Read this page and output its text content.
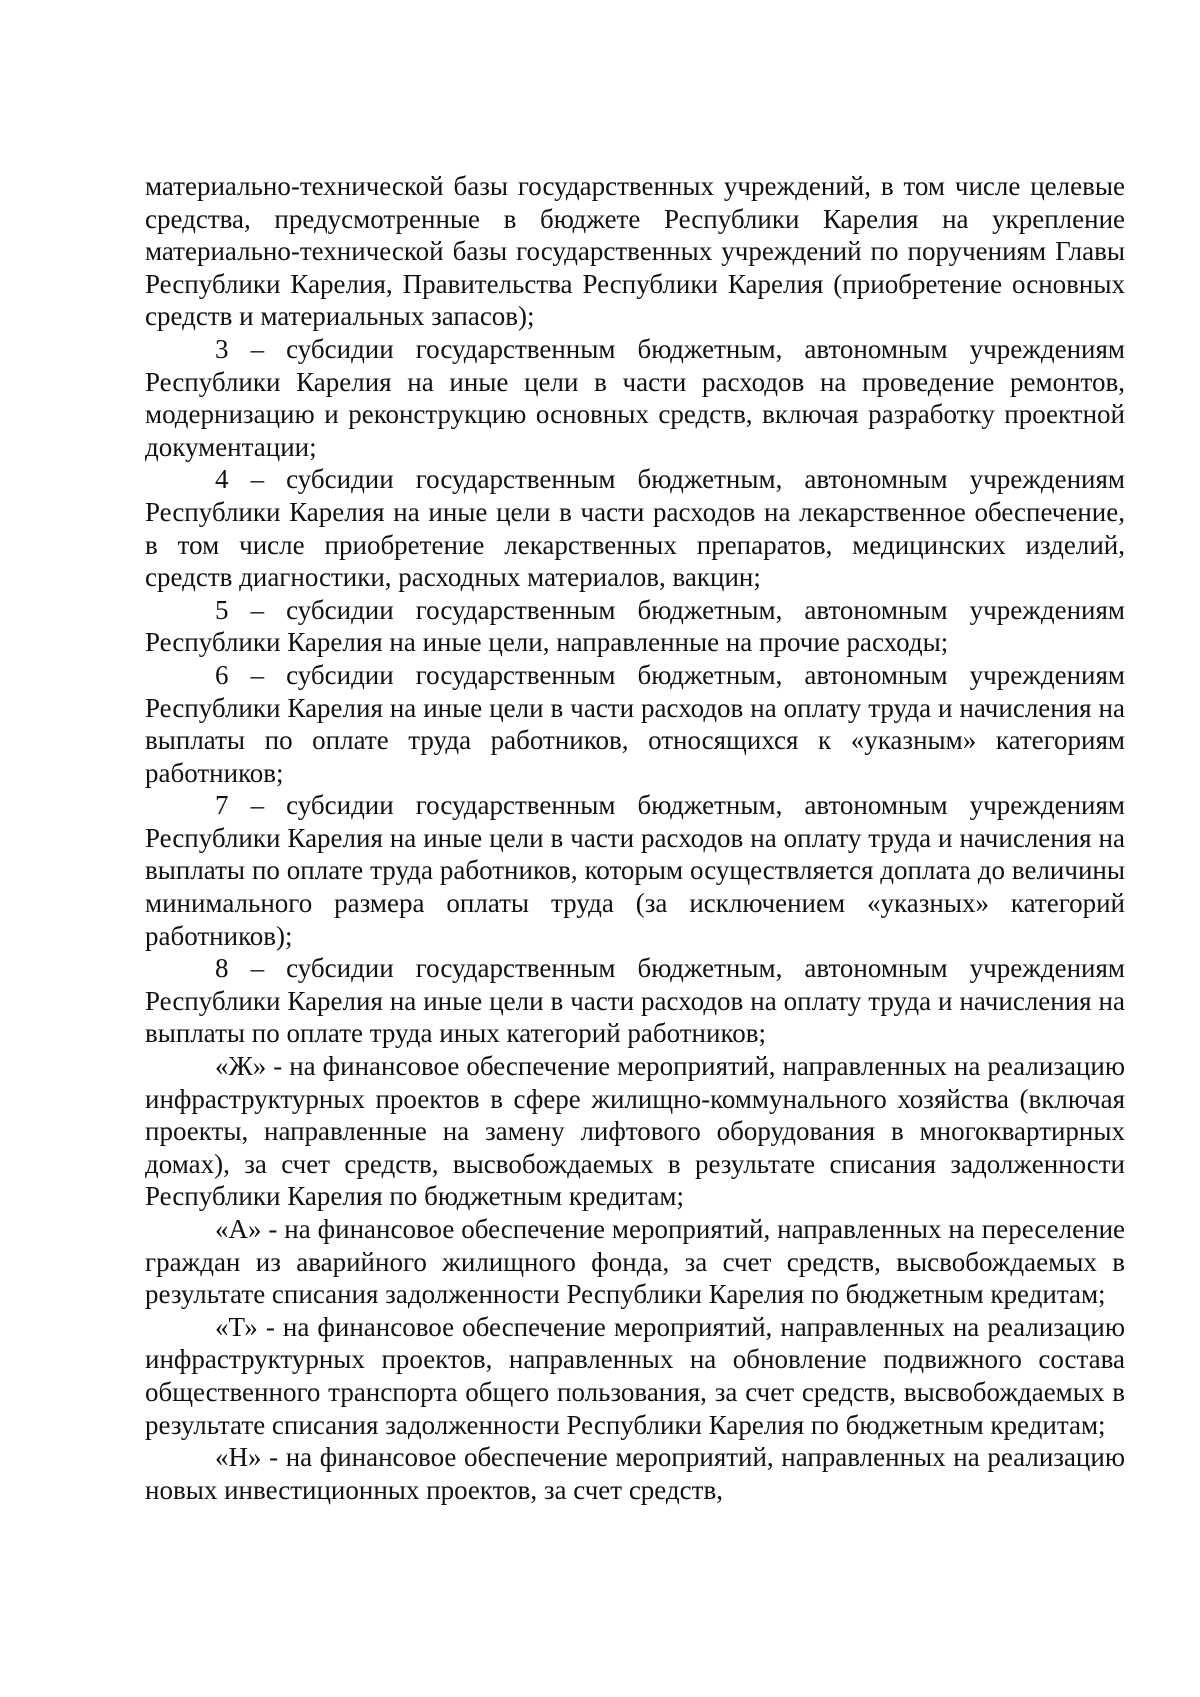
материально-технической базы государственных учреждений, в том числе целевые средства, предусмотренные в бюджете Республики Карелия на укрепление материально-технической базы государственных учреждений по поручениям Главы Республики Карелия, Правительства Республики Карелия (приобретение основных средств и материальных запасов);

3 – субсидии государственным бюджетным, автономным учреждениям Республики Карелия на иные цели в части расходов на проведение ремонтов, модернизацию и реконструкцию основных средств, включая разработку проектной документации;

4 – субсидии государственным бюджетным, автономным учреждениям Республики Карелия на иные цели в части расходов на лекарственное обеспечение, в том числе приобретение лекарственных препаратов, медицинских изделий, средств диагностики, расходных материалов, вакцин;

5 – субсидии государственным бюджетным, автономным учреждениям Республики Карелия на иные цели, направленные на прочие расходы;

6 – субсидии государственным бюджетным, автономным учреждениям Республики Карелия на иные цели в части расходов на оплату труда и начисления на выплаты по оплате труда работников, относящихся к «указным» категориям работников;

7 – субсидии государственным бюджетным, автономным учреждениям Республики Карелия на иные цели в части расходов на оплату труда и начисления на выплаты по оплате труда работников, которым осуществляется доплата до величины минимального размера оплаты труда (за исключением «указных» категорий работников);

8 – субсидии государственным бюджетным, автономным учреждениям Республики Карелия на иные цели в части расходов на оплату труда и начисления на выплаты по оплате труда иных категорий работников;

«Ж» - на финансовое обеспечение мероприятий, направленных на реализацию инфраструктурных проектов в сфере жилищно-коммунального хозяйства (включая проекты, направленные на замену лифтового оборудования в многоквартирных домах), за счет средств, высвобождаемых в результате списания задолженности Республики Карелия по бюджетным кредитам;

«А» - на финансовое обеспечение мероприятий, направленных на переселение граждан из аварийного жилищного фонда, за счет средств, высвобождаемых в результате списания задолженности Республики Карелия по бюджетным кредитам;

«Т» - на финансовое обеспечение мероприятий, направленных на реализацию инфраструктурных проектов, направленных на обновление подвижного состава общественного транспорта общего пользования, за счет средств, высвобождаемых в результате списания задолженности Республики Карелия по бюджетным кредитам;

«Н» - на финансовое обеспечение мероприятий, направленных на реализацию новых инвестиционных проектов, за счет средств,
